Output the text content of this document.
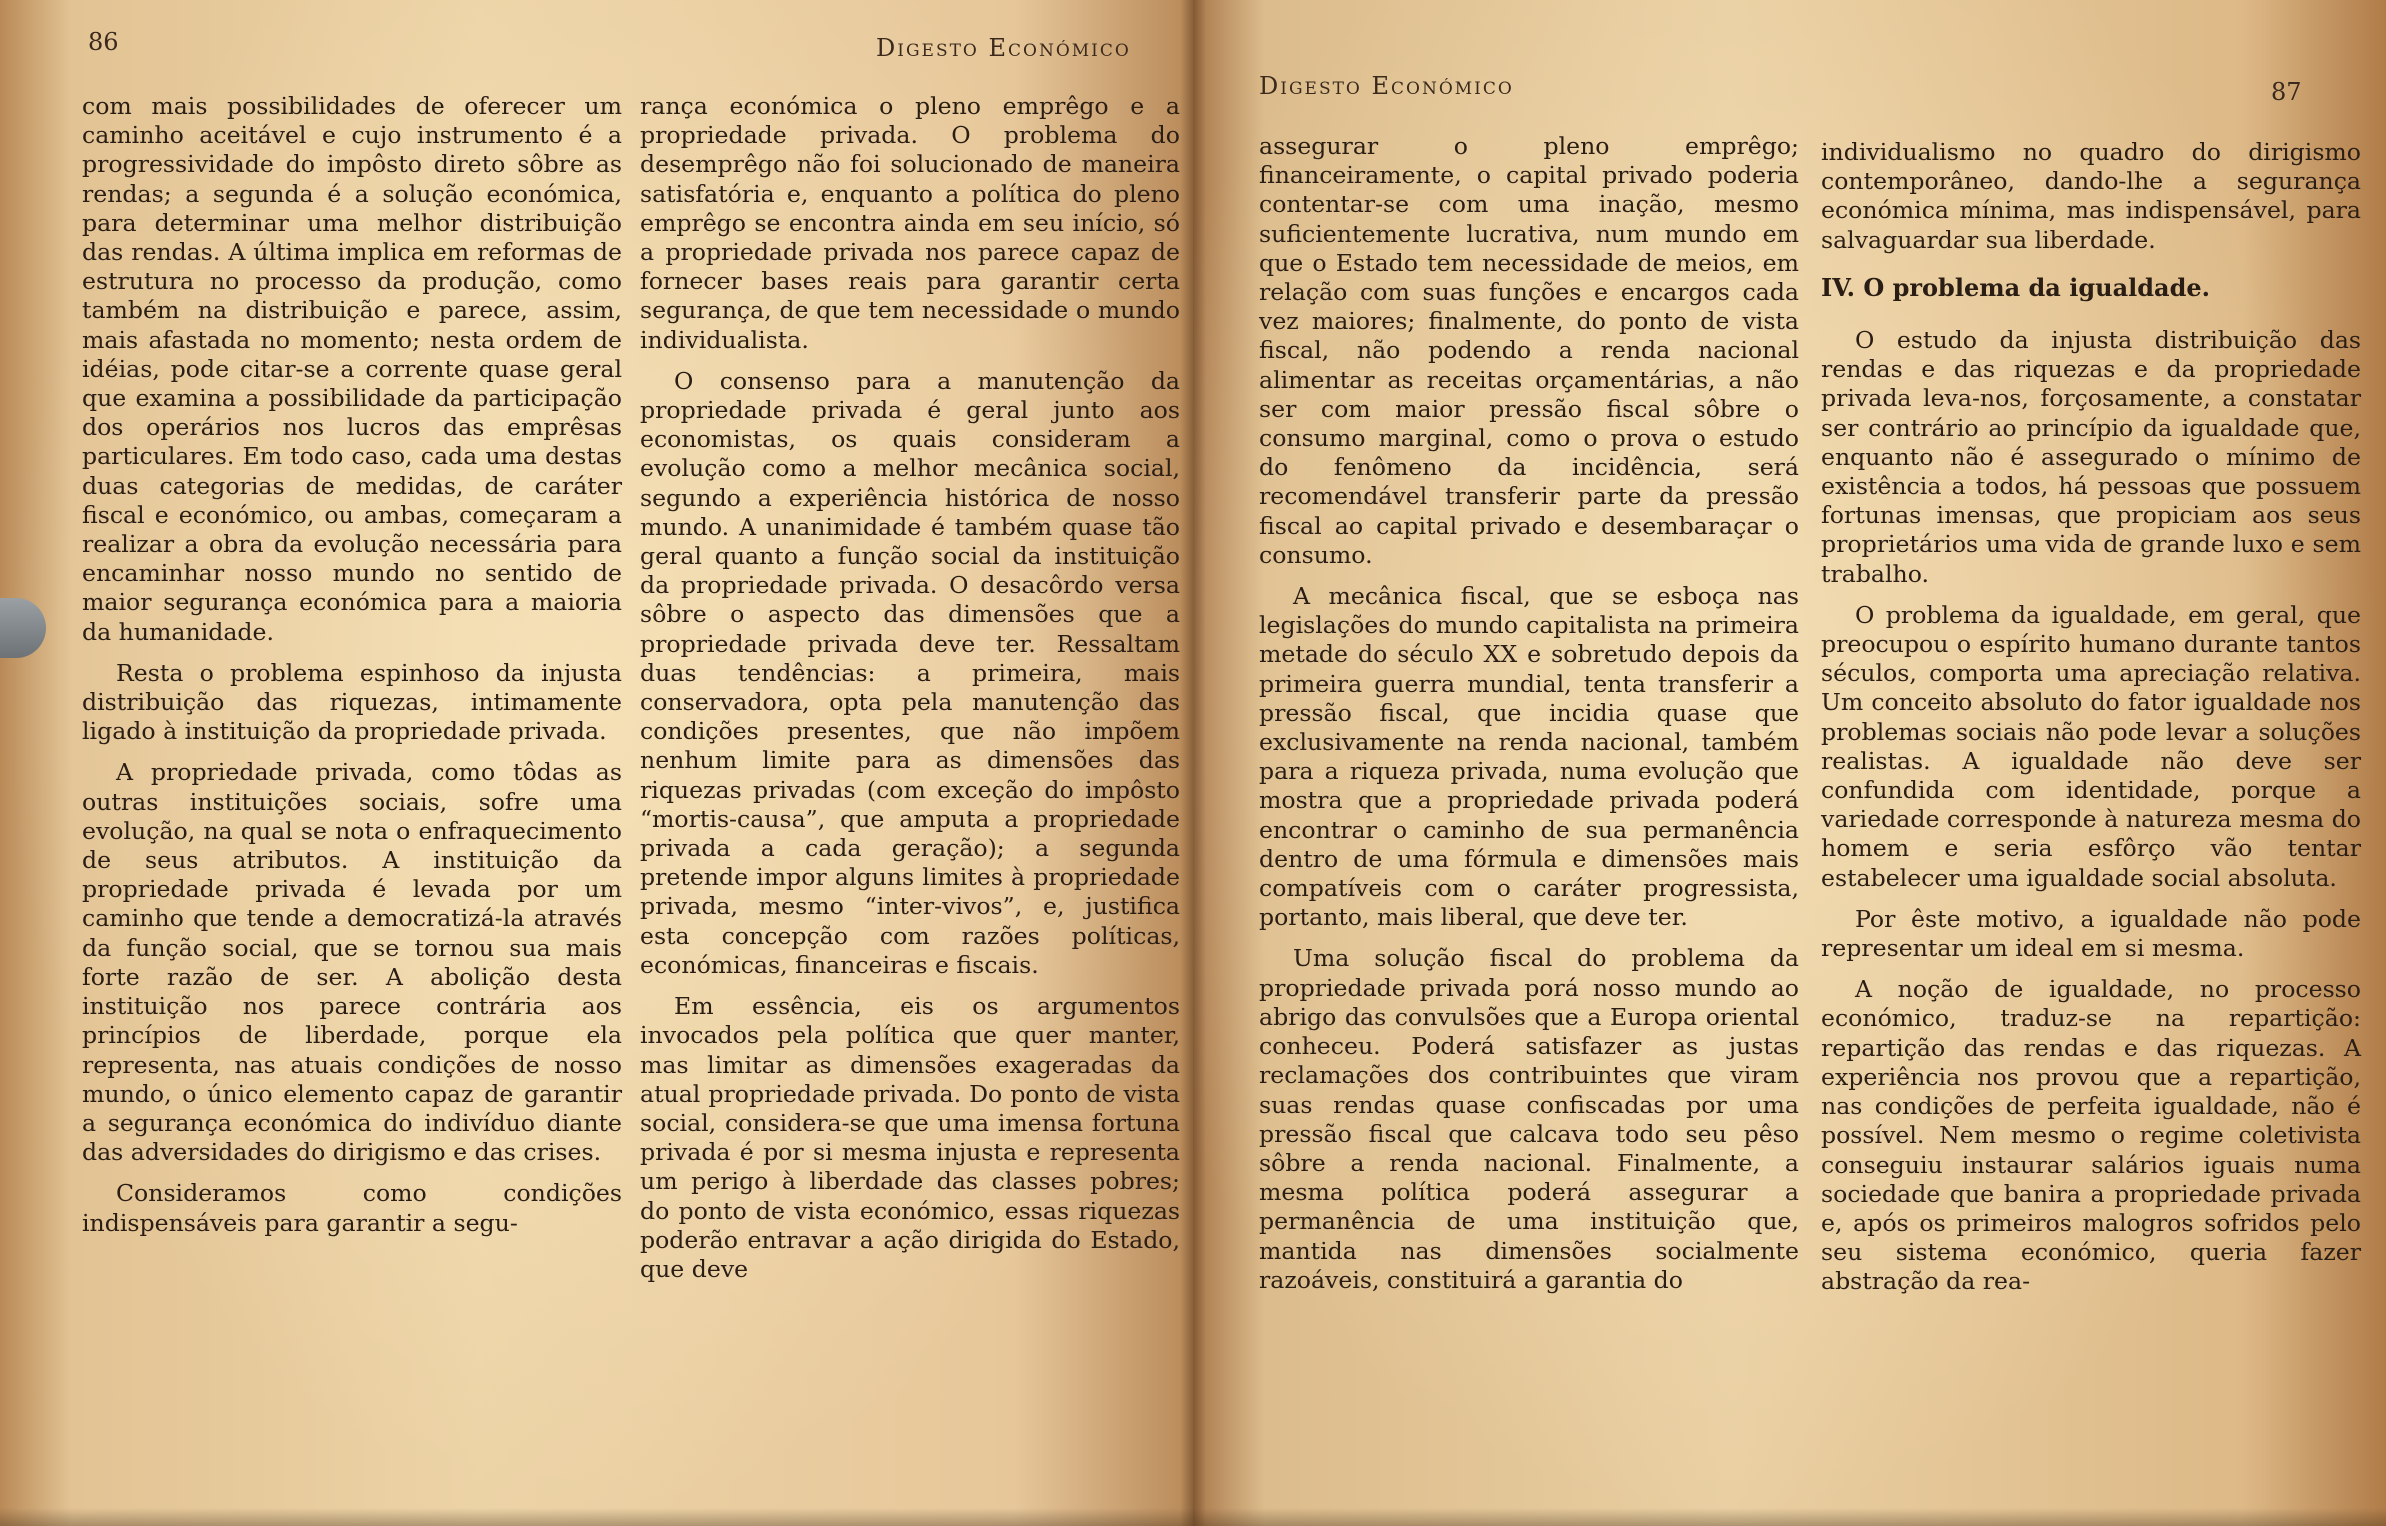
86	Digesto Económico

com mais possibilidades de oferecer um caminho aceitável e cujo instrumento é a progressividade do impôsto direto sôbre as rendas; a segunda é a solução económica, para determinar uma melhor distribuição das rendas. A última implica em reformas de estrutura no processo da produção, como também na distribuição e parece, assim, mais afastada no momento; nesta ordem de idéias, pode citar-se a corrente quase geral que examina a possibilidade da participação dos operários nos lucros das emprêsas particulares. Em todo caso, cada uma destas duas categorias de medidas, de caráter fiscal e económico, ou ambas, começaram a realizar a obra da evolução necessária para encaminhar nosso mundo no sentido de maior segurança económica para a maioria da humanidade.

Resta o problema espinhoso da injusta distribuição das riquezas, intimamente ligado à instituição da propriedade privada.

A propriedade privada, como tôdas as outras instituições sociais, sofre uma evolução, na qual se nota o enfraquecimento de seus atributos. A instituição da propriedade privada é levada por um caminho que tende a democratizá-la através da função social, que se tornou sua mais forte razão de ser. A abolição desta instituição nos parece contrária aos princípios de liberdade, porque ela representa, nas atuais condições de nosso mundo, o único elemento capaz de garantir a segurança económica do indivíduo diante das adversidades do dirigismo e das crises.

Consideramos como condições indispensáveis para garantir a segu-

rança económica o pleno emprêgo e a propriedade privada. O problema do desemprêgo não foi solucionado de maneira satisfatória e, enquanto a política do pleno emprêgo se encontra ainda em seu início, só a propriedade privada nos parece capaz de fornecer bases reais para garantir certa segurança, de que tem necessidade o mundo individualista.

O consenso para a manutenção da propriedade privada é geral junto aos economistas, os quais consideram a evolução como a melhor mecânica social, segundo a experiência histórica de nosso mundo. A unanimidade é também quase tão geral quanto a função social da instituição da propriedade privada. O desacôrdo versa sôbre o aspecto das dimensões que a propriedade privada deve ter. Ressaltam duas tendências: a primeira, mais conservadora, opta pela manutenção das condições presentes, que não impõem nenhum limite para as dimensões das riquezas privadas (com exceção do impôsto “mortis-causa”, que amputa a propriedade privada a cada geração); a segunda pretende impor alguns limites à propriedade privada, mesmo “inter-vivos”, e, justifica esta concepção com razões políticas, económicas, financeiras e fiscais.

Em essência, eis os argumentos invocados pela política que quer manter, mas limitar as dimensões exageradas da atual propriedade privada. Do ponto de vista social, considera-se que uma imensa fortuna privada é por si mesma injusta e representa um perigo à liberdade das classes pobres; do ponto de vista económico, essas riquezas poderão entravar a ação dirigida do Estado, que deve

Digesto Económico	87

assegurar o pleno emprêgo; financeiramente, o capital privado poderia contentar-se com uma inação, mesmo suficientemente lucrativa, num mundo em que o Estado tem necessidade de meios, em relação com suas funções e encargos cada vez maiores; finalmente, do ponto de vista fiscal, não podendo a renda nacional alimentar as receitas orçamentárias, a não ser com maior pressão fiscal sôbre o consumo marginal, como o prova o estudo do fenômeno da incidência, será recomendável transferir parte da pressão fiscal ao capital privado e desembaraçar o consumo.

A mecânica fiscal, que se esboça nas legislações do mundo capitalista na primeira metade do século XX e sobretudo depois da primeira guerra mundial, tenta transferir a pressão fiscal, que incidia quase que exclusivamente na renda nacional, também para a riqueza privada, numa evolução que mostra que a propriedade privada poderá encontrar o caminho de sua permanência dentro de uma fórmula e dimensões mais compatíveis com o caráter progressista, portanto, mais liberal, que deve ter.

Uma solução fiscal do problema da propriedade privada porá nosso mundo ao abrigo das convulsões que a Europa oriental conheceu. Poderá satisfazer as justas reclamações dos contribuintes que viram suas rendas quase confiscadas por uma pressão fiscal que calcava todo seu pêso sôbre a renda nacional. Finalmente, a mesma política poderá assegurar a permanência de uma instituição que, mantida nas dimensões socialmente razoáveis, constituirá a garantia do

individualismo no quadro do dirigismo contemporâneo, dando-lhe a segurança económica mínima, mas indispensável, para salvaguardar sua liberdade.

IV. O problema da igualdade.

O estudo da injusta distribuição das rendas e das riquezas e da propriedade privada leva-nos, forçosamente, a constatar ser contrário ao princípio da igualdade que, enquanto não é assegurado o mínimo de existência a todos, há pessoas que possuem fortunas imensas, que propiciam aos seus proprietários uma vida de grande luxo e sem trabalho.

O problema da igualdade, em geral, que preocupou o espírito humano durante tantos séculos, comporta uma apreciação relativa. Um conceito absoluto do fator igualdade nos problemas sociais não pode levar a soluções realistas. A igualdade não deve ser confundida com identidade, porque a variedade corresponde à natureza mesma do homem e seria esfôrço vão tentar estabelecer uma igualdade social absoluta.

Por êste motivo, a igualdade não pode representar um ideal em si mesma.

A noção de igualdade, no processo económico, traduz-se na repartição: repartição das rendas e das riquezas. A experiência nos provou que a repartição, nas condições de perfeita igualdade, não é possível. Nem mesmo o regime coletivista conseguiu instaurar salários iguais numa sociedade que banira a propriedade privada e, após os primeiros malogros sofridos pelo seu sistema económico, queria fazer abstração da rea-
